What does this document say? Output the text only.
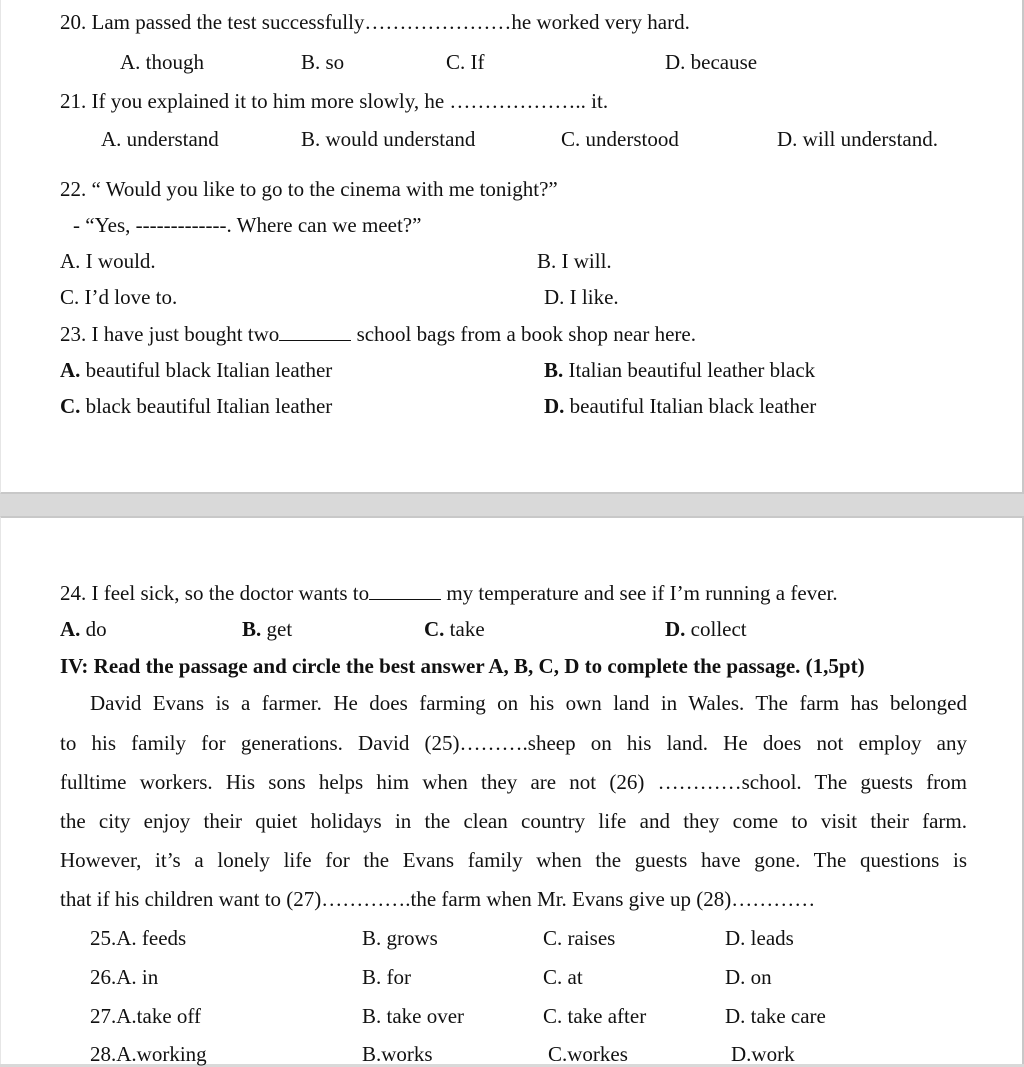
20. Lam passed the test successfully…………………he worked very hard.
A. though	B. so	C. If	D. because
21. If you explained it to him more slowly, he ……………….. it.
A. understand	B. would understand	C. understood	D. will understand.
22. “ Would you like to go to the cinema with me tonight?”
- “Yes, -------------. Where can we meet?”
A. I would.	B. I will.
C. I’d love to.	D. I like.
23. I have just bought two	school bags from a book shop near here.
A. beautiful black Italian leather	B. Italian beautiful leather black
C. black beautiful Italian leather	D. beautiful Italian black leather
24. I feel sick, so the doctor wants to	my temperature and see if I’m running a fever.
A. do	B. get	C. take	D. collect
IV: Read the passage and circle the best answer A, B, C, D to complete the passage. (1,5pt)
David Evans is a farmer. He does farming on his own land in Wales. The farm has belonged
to his family for generations. David (25)……….sheep on his land. He does not employ any
fulltime workers. His sons helps him when they are not (26) …………school. The guests from
the city enjoy their quiet holidays in the clean country life and they come to visit their farm.
However, it’s a lonely life for the Evans family when the guests have gone. The questions is
that if his children want to (27)………….the farm when Mr. Evans give up (28)…………
25.A. feeds	B. grows	C. raises	D. leads
26.A. in	B. for	C. at	D. on
27.A.take off	B. take over	C. take after	D. take care
28.A.working	B.works	C.workes	D.work
